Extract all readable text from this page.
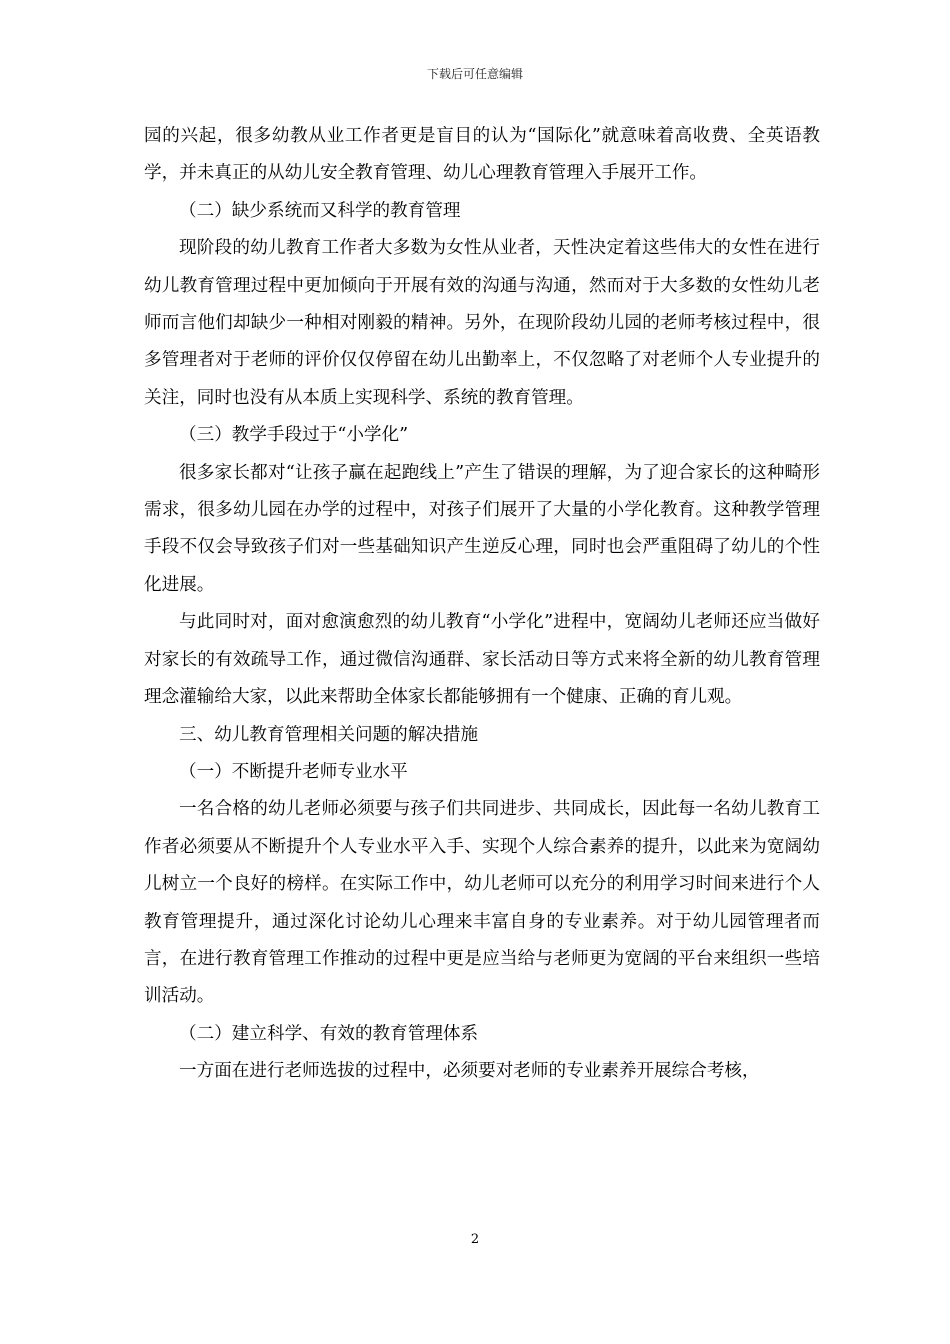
下载后可任意编辑

园的兴起，很多幼教从业工作者更是盲目的认为“国际化”就意味着高收费、全英语教学，并未真正的从幼儿安全教育管理、幼儿心理教育管理入手展开工作。

（二）缺少系统而又科学的教育管理

现阶段的幼儿教育工作者大多数为女性从业者，天性决定着这些伟大的女性在进行幼儿教育管理过程中更加倾向于开展有效的沟通与沟通，然而对于大多数的女性幼儿老师而言他们却缺少一种相对刚毅的精神。另外，在现阶段幼儿园的老师考核过程中，很多管理者对于老师的评价仅仅停留在幼儿出勤率上，不仅忽略了对老师个人专业提升的关注，同时也没有从本质上实现科学、系统的教育管理。

（三）教学手段过于“小学化”

很多家长都对“让孩子赢在起跑线上”产生了错误的理解，为了迎合家长的这种畸形需求，很多幼儿园在办学的过程中，对孩子们展开了大量的小学化教育。这种教学管理手段不仅会导致孩子们对一些基础知识产生逆反心理，同时也会严重阻碍了幼儿的个性化进展。

与此同时对，面对愈演愈烈的幼儿教育“小学化”进程中，宽阔幼儿老师还应当做好对家长的有效疏导工作，通过微信沟通群、家长活动日等方式来将全新的幼儿教育管理理念灌输给大家，以此来帮助全体家长都能够拥有一个健康、正确的育儿观。

三、幼儿教育管理相关问题的解决措施

（一）不断提升老师专业水平

一名合格的幼儿老师必须要与孩子们共同进步、共同成长，因此每一名幼儿教育工作者必须要从不断提升个人专业水平入手、实现个人综合素养的提升，以此来为宽阔幼儿树立一个良好的榜样。在实际工作中，幼儿老师可以充分的利用学习时间来进行个人教育管理提升，通过深化讨论幼儿心理来丰富自身的专业素养。对于幼儿园管理者而言，在进行教育管理工作推动的过程中更是应当给与老师更为宽阔的平台来组织一些培训活动。

（二）建立科学、有效的教育管理体系

一方面在进行老师选拔的过程中，必须要对老师的专业素养开展综合考核，

2
